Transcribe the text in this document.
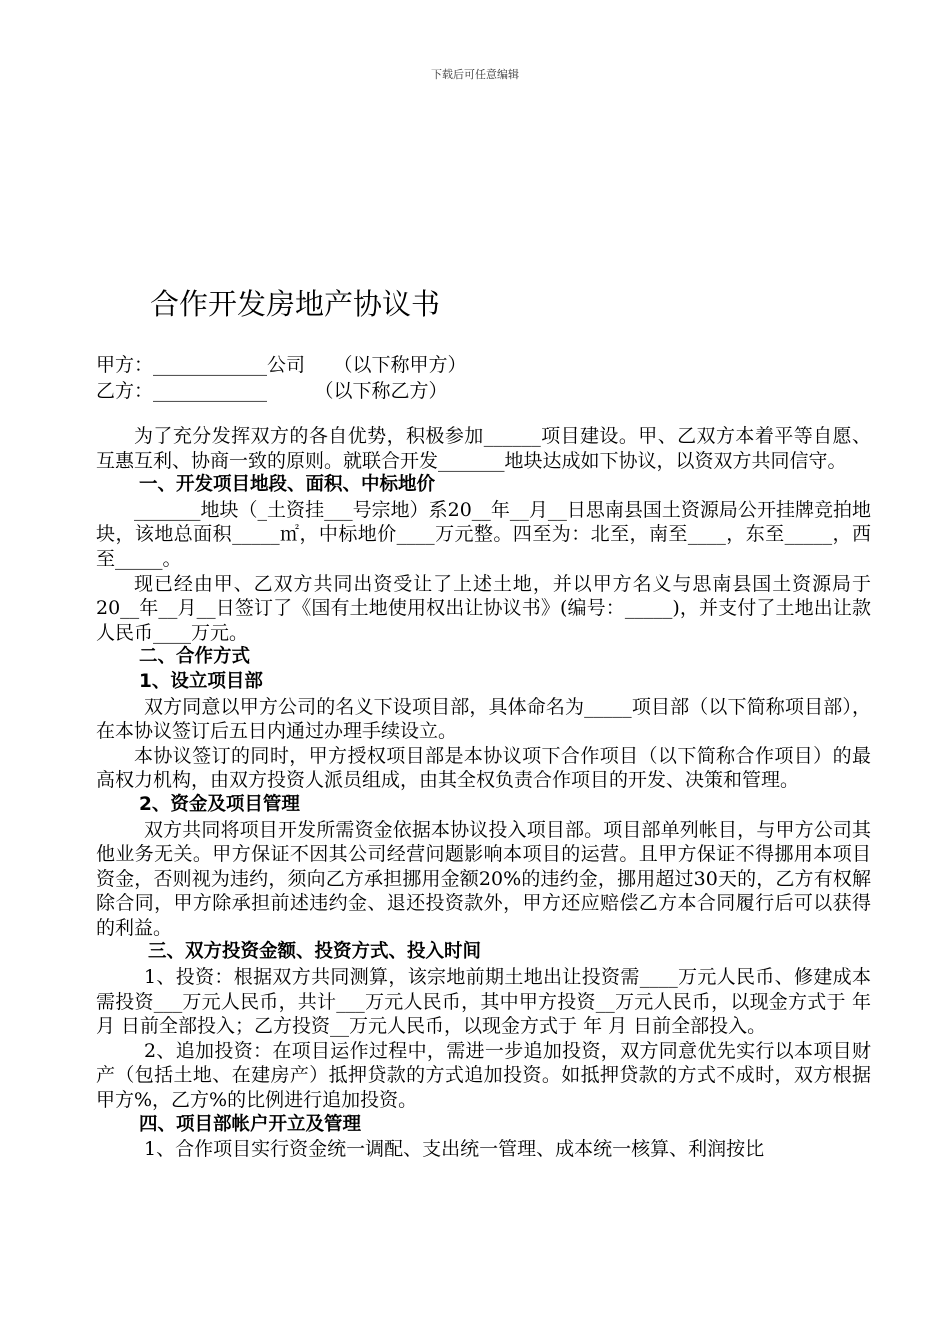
下载后可任意编辑
合作开发房地产协议书
甲方：____________公司　　（以下称甲方）
乙方：____________　　　（以下称乙方）

为了充分发挥双方的各自优势，积极参加______项目建设。甲、乙双方本着平等自愿、互惠互利、协商一致的原则。就联合开发_______地块达成如下协议，以资双方共同信守。

一、开发项目地段、面积、中标地价

_______地块（_土资挂___号宗地）系20__年__月__日思南县国土资源局公开挂牌竞拍地块，该地总面积_____㎡，中标地价____万元整。四至为：北至，南至____，东至_____，西至_____。

现已经由甲、乙双方共同出资受让了上述土地，并以甲方名义与思南县国土资源局于20__年__月__日签订了《国有土地使用权出让协议书》(编号：_____)，并支付了土地出让款人民币____万元。

二、合作方式

1、设立项目部

双方同意以甲方公司的名义下设项目部，具体命名为_____项目部（以下简称项目部），在本协议签订后五日内通过办理手续设立。

本协议签订的同时，甲方授权项目部是本协议项下合作项目（以下简称合作项目）的最高权力机构，由双方投资人派员组成，由其全权负责合作项目的开发、决策和管理。

2、资金及项目管理

双方共同将项目开发所需资金依据本协议投入项目部。项目部单列帐目，与甲方公司其他业务无关。甲方保证不因其公司经营问题影响本项目的运营。且甲方保证不得挪用本项目资金，否则视为违约，须向乙方承担挪用金额20%的违约金，挪用超过30天的，乙方有权解除合同，甲方除承担前述违约金、退还投资款外，甲方还应赔偿乙方本合同履行后可以获得的利益。

三、双方投资金额、投资方式、投入时间

1、投资：根据双方共同测算，该宗地前期土地出让投资需____万元人民币、修建成本需投资___万元人民币，共计___万元人民币，其中甲方投资__万元人民币，以现金方式于 年 月 日前全部投入；乙方投资__万元人民币，以现金方式于 年 月 日前全部投入。

2、追加投资：在项目运作过程中，需进一步追加投资，双方同意优先实行以本项目财产（包括土地、在建房产）抵押贷款的方式追加投资。如抵押贷款的方式不成时，双方根据甲方%，乙方%的比例进行追加投资。

四、项目部帐户开立及管理

1、合作项目实行资金统一调配、支出统一管理、成本统一核算、利润按比
